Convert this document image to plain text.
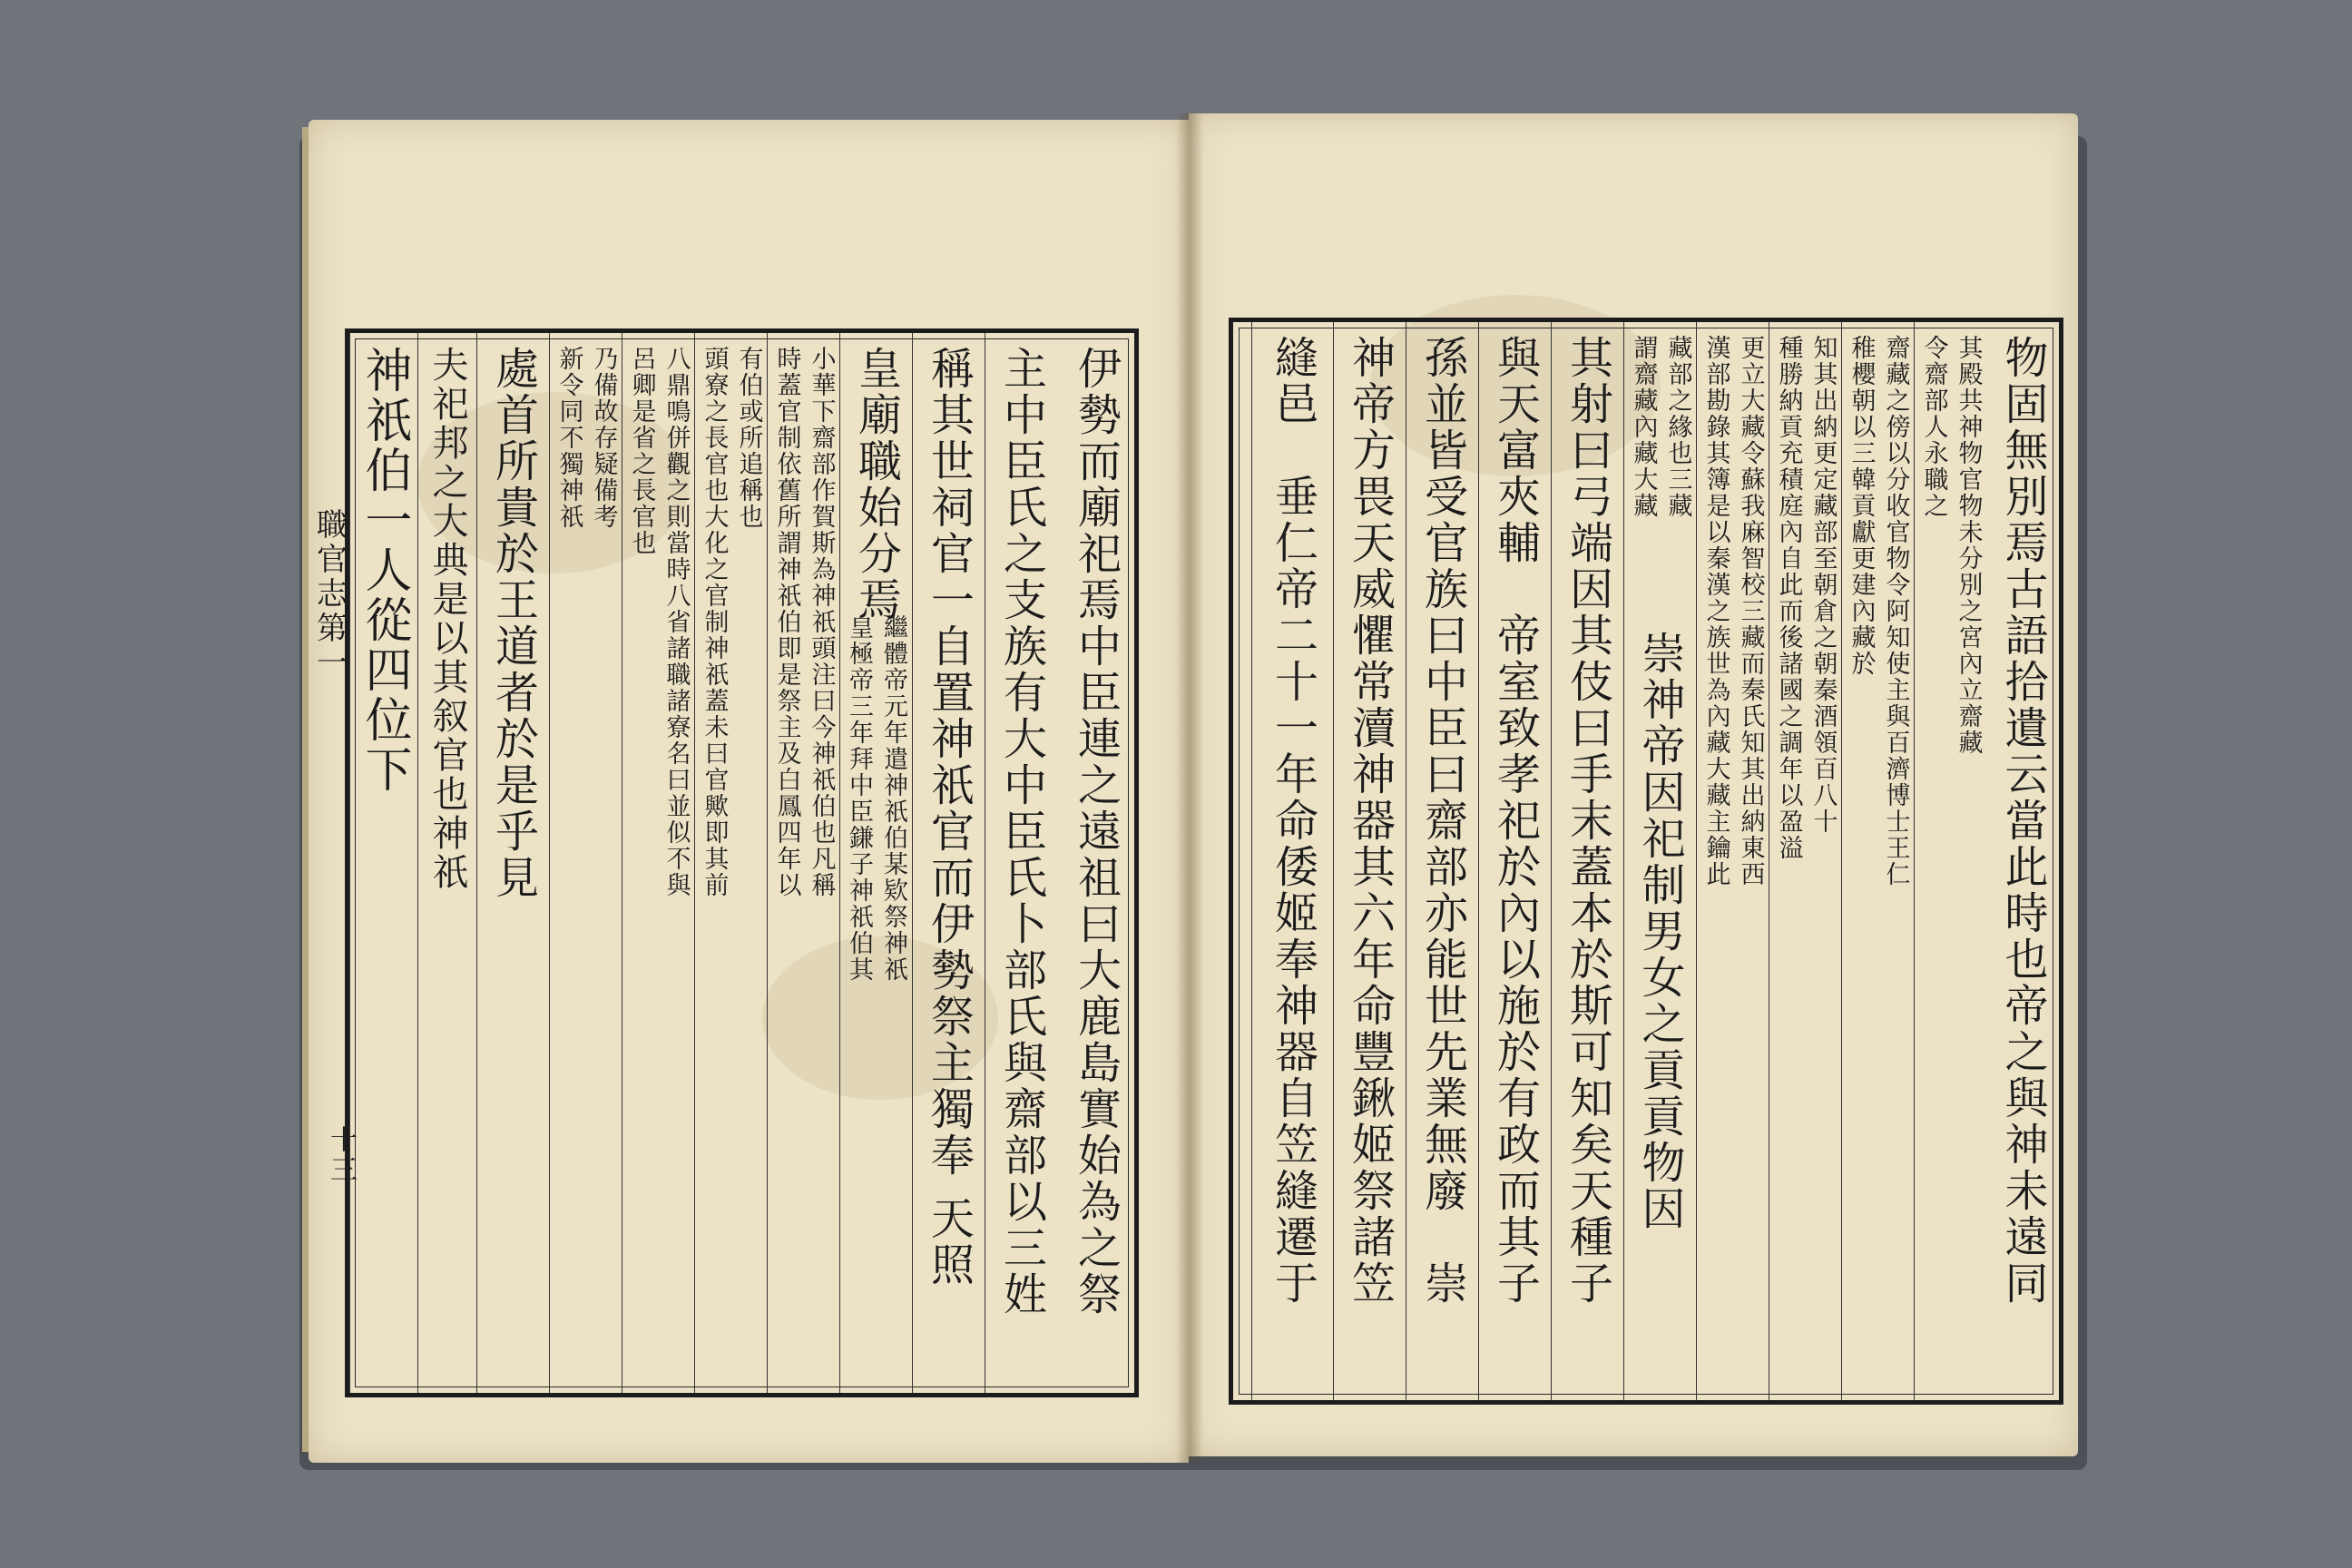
職官志第一
十三	伊勢而廟祀焉中臣連之遠祖曰大鹿島實始為之祭
主中臣氏之支族有大中臣氏卜部氏與齋部以三姓
稱其世祠官一自置神祇官而伊勢祭主獨奉 天照
皇廟職始分焉
繼體帝元年遣神祇伯某欵祭神祇
皇極帝三年拜中臣鎌子神祇伯其
小華下齋部作賀斯為神祇頭注曰今神祇伯也凡稱
時蓋官制依舊所謂神祇伯即是祭主及白鳳四年以
有伯或所追稱也
頭寮之長官也大化之官制神祇蓋未曰官歟即其前
八鼎鳴併觀之則當時八省諸職諸寮名曰並似不與
呂卿是省之長官也
乃備故存疑備考
新令同不獨神祇
處首所貴於王道者於是乎見
夫祀邦之大典是以其叙官也神祇
神祇伯一人從四位下	物固無別焉古語拾遺云當此時也帝之與神未遠同
其殿共神物官物未分別之宮內立齋藏
令齋部人永職之
齋藏之傍以分收官物令阿知使主與百濟博士王仁
稚櫻朝以三韓貢獻更建內藏於
知其出納更定藏部至朝倉之朝秦酒領百八十
種勝納貢充積庭內自此而後諸國之調年以盈溢
更立大藏令蘇我麻智校三藏而秦氏知其出納東西
漢部勘錄其簿是以秦漢之族世為內藏大藏主鑰此
藏部之緣也三藏
謂齋藏內藏大藏
崇神帝因祀制男女之貢貢物因
其射曰弓端因其伎曰手末蓋本於斯可知矣天種子
與天富夾輔　帝室致孝祀於內以施於有政而其子
孫並皆受官族曰中臣曰齋部亦能世先業無廢　崇
神帝方畏天威懼常瀆神器其六年命豐鍬姬祭諸笠
縫邑　垂仁帝二十一年命倭姬奉神器自笠縫遷于
